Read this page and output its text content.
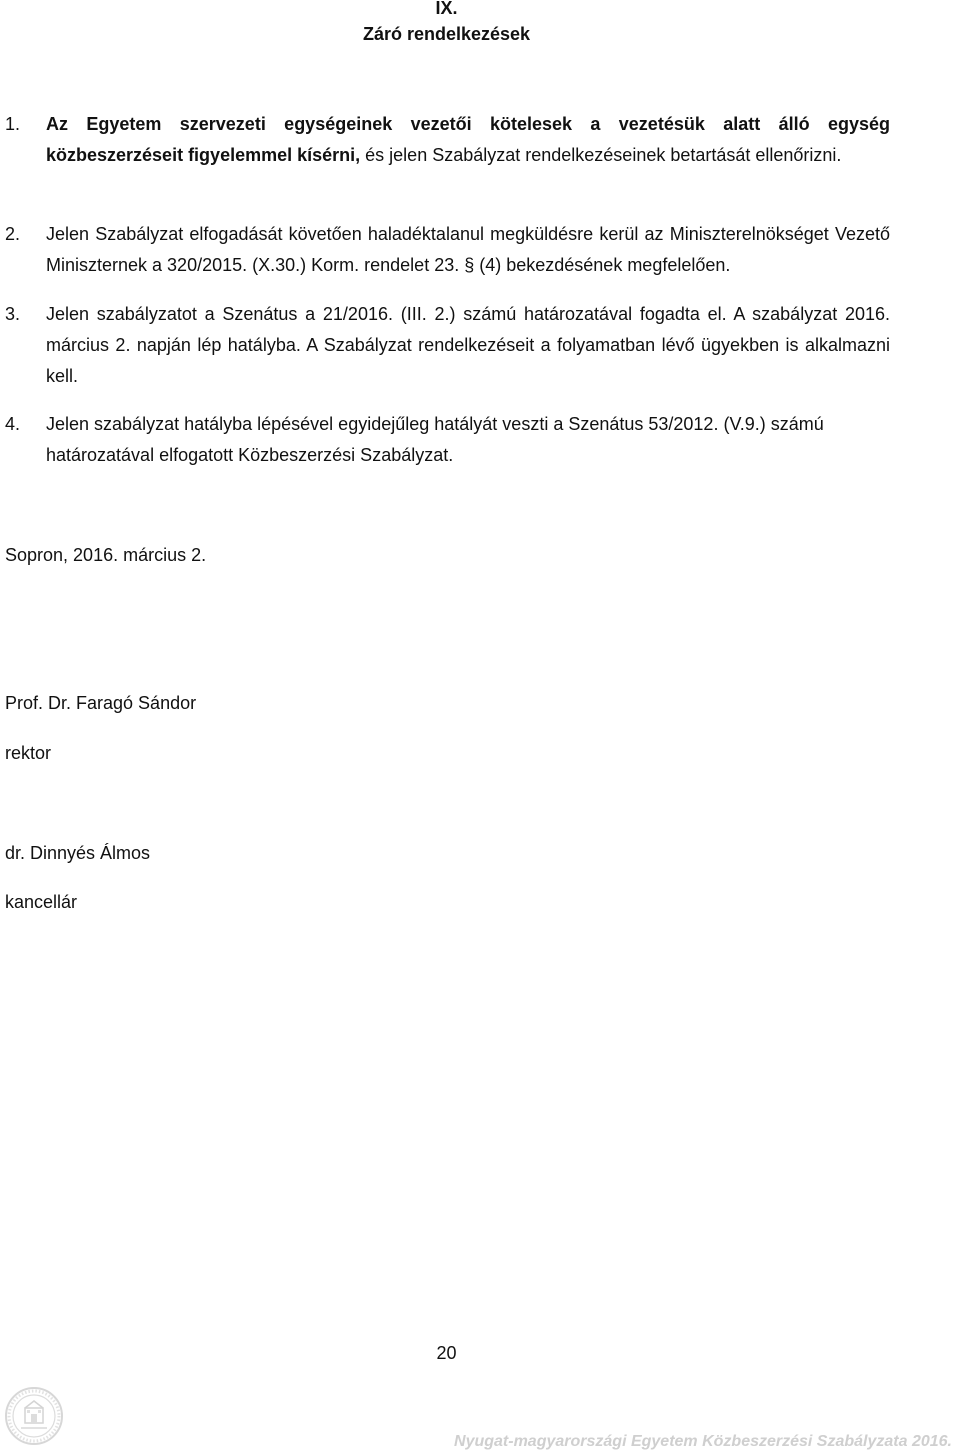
IX.
Záró rendelkezések
1.	Az Egyetem szervezeti egységeinek vezetői kötelesek a vezetésük alatt álló egység közbeszerzéseit figyelemmel kísérni, és jelen Szabályzat rendelkezéseinek betartását ellenőrizni.
2.	Jelen Szabályzat elfogadását követően haladéktalanul megküldésre kerül az Miniszterelnökséget Vezető Miniszternek a 320/2015. (X.30.) Korm. rendelet 23. § (4) bekezdésének megfelelően.
3.	Jelen szabályzatot a Szenátus a 21/2016. (III. 2.) számú határozatával fogadta el. A szabályzat 2016. március 2. napján lép hatályba. A Szabályzat rendelkezéseit a folyamatban lévő ügyekben is alkalmazni kell.
4.	Jelen szabályzat hatályba lépésével egyidejűleg hatályát veszti a Szenátus 53/2012. (V.9.) számú határozatával elfogatott Közbeszerzési Szabályzat.
Sopron, 2016. március 2.
Prof. Dr. Faragó Sándor
rektor
dr. Dinnyés Álmos
kancellár
20
Nyugat-magyarországi Egyetem Közbeszerzési Szabályzata 2016.
